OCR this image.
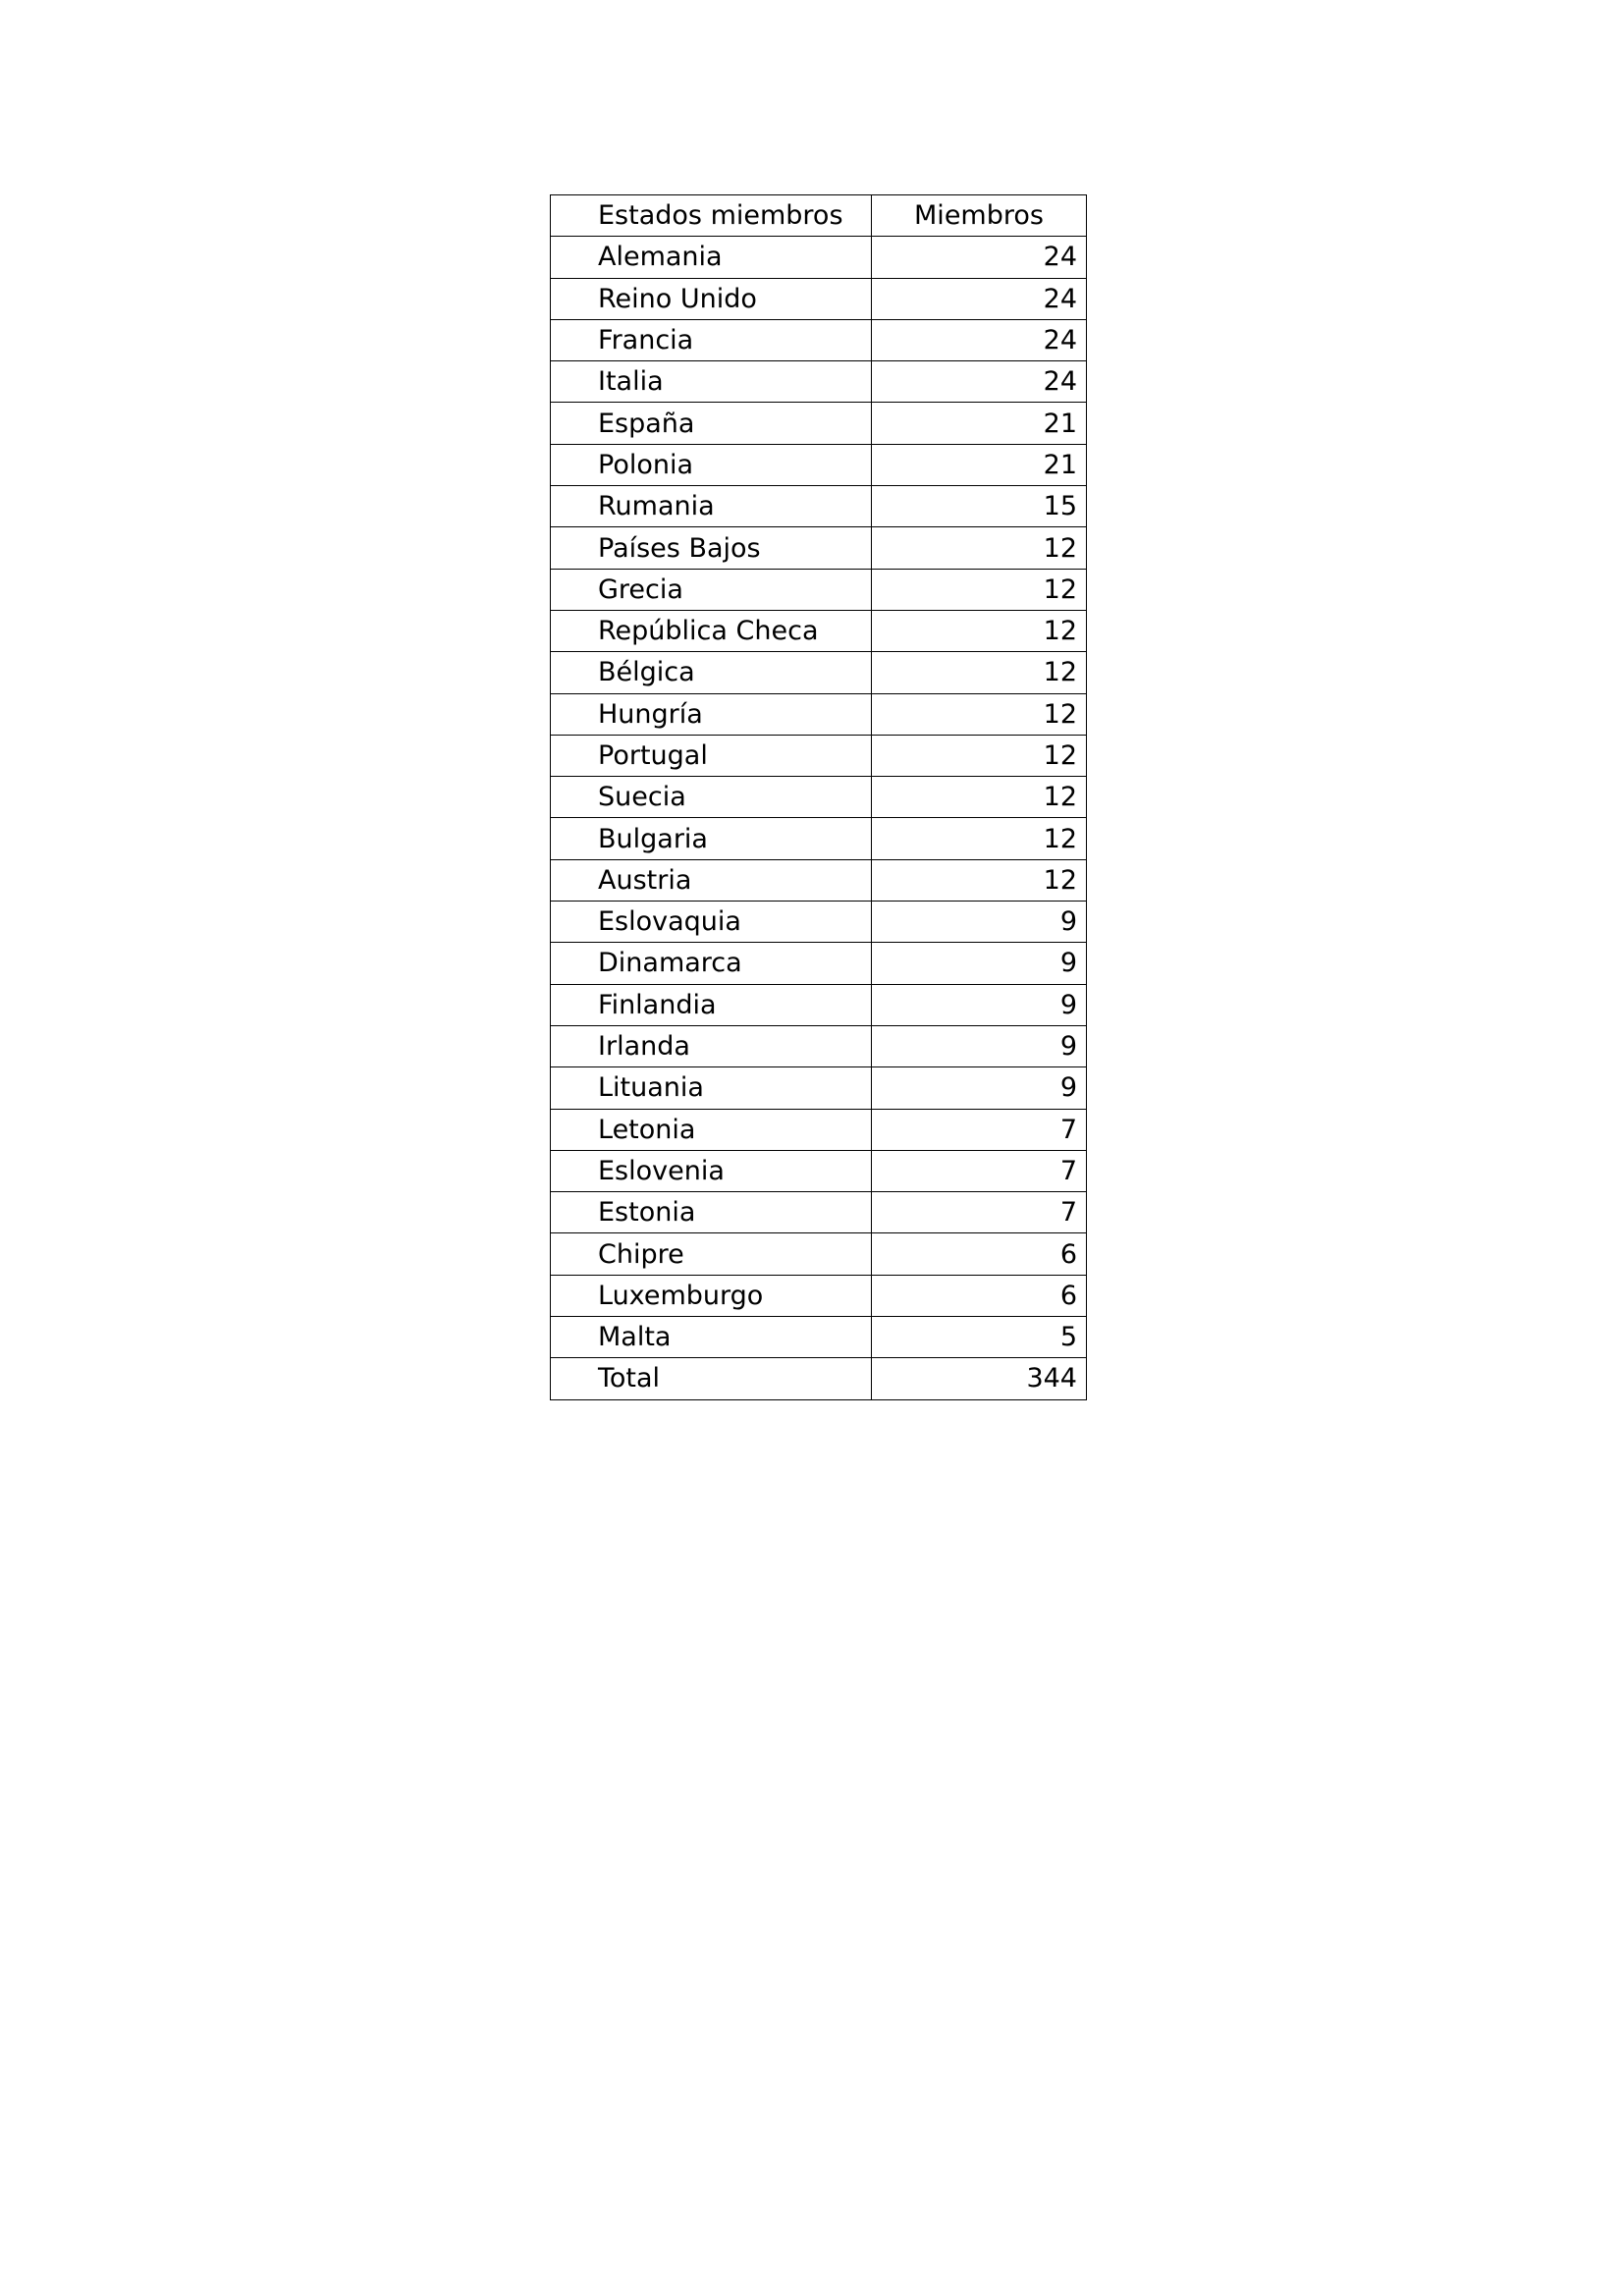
Estados miembros	Miembros
Alemania	24
Reino Unido	24
Francia	24
Italia	24
España	21
Polonia	21
Rumania	15
Países Bajos	12
Grecia	12
República Checa	12
Bélgica	12
Hungría	12
Portugal	12
Suecia	12
Bulgaria	12
Austria	12
Eslovaquia	9
Dinamarca	9
Finlandia	9
Irlanda	9
Lituania	9
Letonia	7
Eslovenia	7
Estonia	7
Chipre	6
Luxemburgo	6
Malta	5
Total	344
